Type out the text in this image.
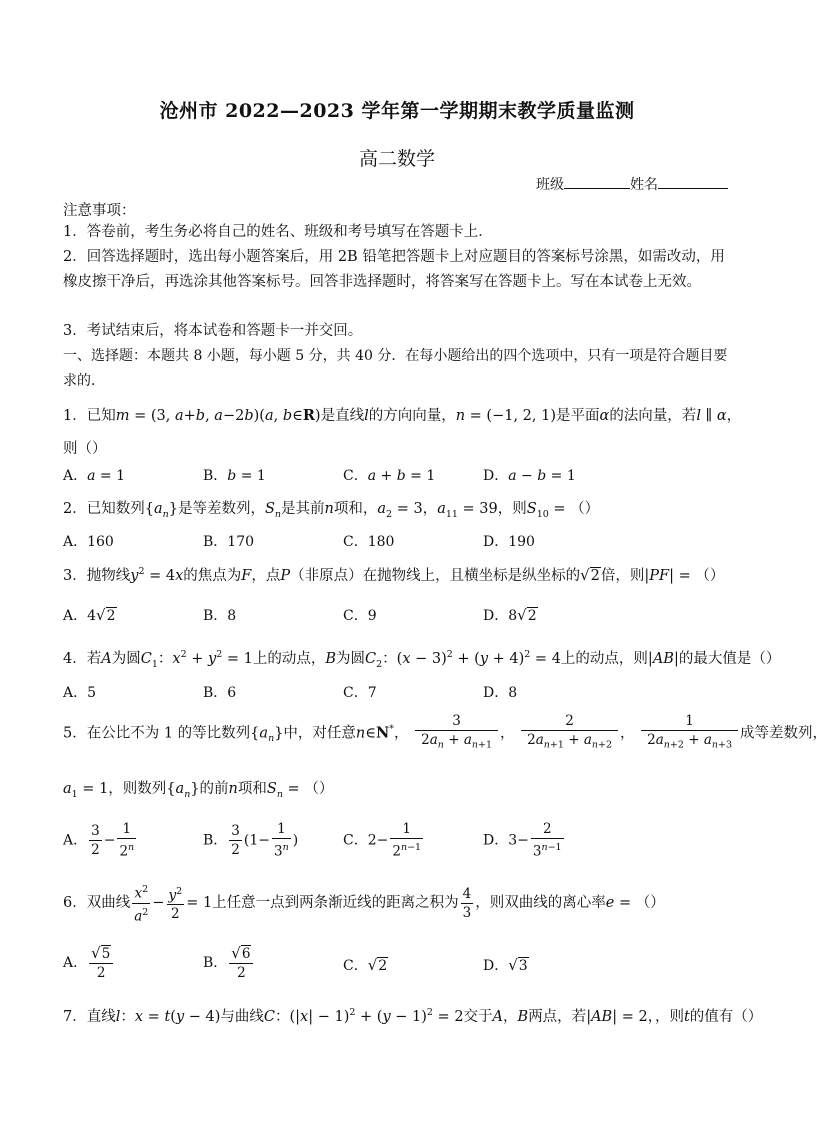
沧州市 2022—2023 学年第一学期期末教学质量监测
高二数学
班级	姓名
注意事项：
1．答卷前，考生务必将自己的姓名、班级和考号填写在答题卡上．
2．回答选择题时，选出每小题答案后，用 2B 铅笔把答题卡上对应题目的答案标号涂黑，如需改动，用橡皮擦干净后，再选涂其他答案标号。回答非选择题时，将答案写在答题卡上。写在本试卷上无效。
3．考试结束后，将本试卷和答题卡一并交回。
一、选择题：本题共 8 小题，每小题 5 分，共 40 分．在每小题给出的四个选项中，只有一项是符合题目要求的．
1．已知m = (3, a+b, a−2b)(a, b∈R)是直线l的方向向量，n = (−1, 2, 1)是平面α的法向量，若l ∥ α，
则（）
A．a = 1	B．b = 1	C．a + b = 1	D．a − b = 1
2．已知数列$\{a_n\}$是等差数列，$S_n$是其前n项和，$a_2 = 3$，$a_{11} = 39$，则$S_{10}$ = （）
A．160	B．170	C．180	D．190
3．抛物线$y^2 = 4x$的焦点为F，点P（非原点）在抛物线上，且横坐标是纵坐标的√2倍，则|PF| = （）
A．4√2	B．8	C．9	D．8√2
4．若A为圆$C_1$：$x^2 + y^2 = 1$上的动点，B为圆$C_2$：$(x - 3)^2 + (y + 4)^2 = 4$上的动点，则|AB|的最大值是（）
A．5	B．6	C．7	D．8
5．在公比不为 1 的等比数列$\{a_n\}$中，对任意n∈N*， $\frac{3}{2a_n + a_{n+1}}$ ， $\frac{2}{2a_{n+1} + a_{n+2}}$ ， $\frac{1}{2a_{n+2} + a_{n+3}}$ 成等差数列，
$a_1 = 1$，则数列$\{a_n\}$的前n项和$S_n$ = （）
A． $\frac{3}{2} - \frac{1}{2^n}$	B． $\frac{3}{2} (1- \frac{1}{3^n}$ )	C．$2- \frac{1}{2^{n-1}}$	D．$3- \frac{2}{3^{n-1}}$
6．双曲线 $\frac{x^2}{a^2} - \frac{y^2}{2} = 1$上任意一点到两条渐近线的距离之积为 $\frac{4}{3}$ ，则双曲线的离心率e = （）
A． $\frac{√5}{2}$	B． $\frac{√6}{2}$	C．√2	D．√3
7．直线l：x = t(y − 4)与曲线C：$(|x| - 1)^2 + (y - 1)^2 = 2$交于A，B两点，若|AB| = 2，，则t的值有（）
